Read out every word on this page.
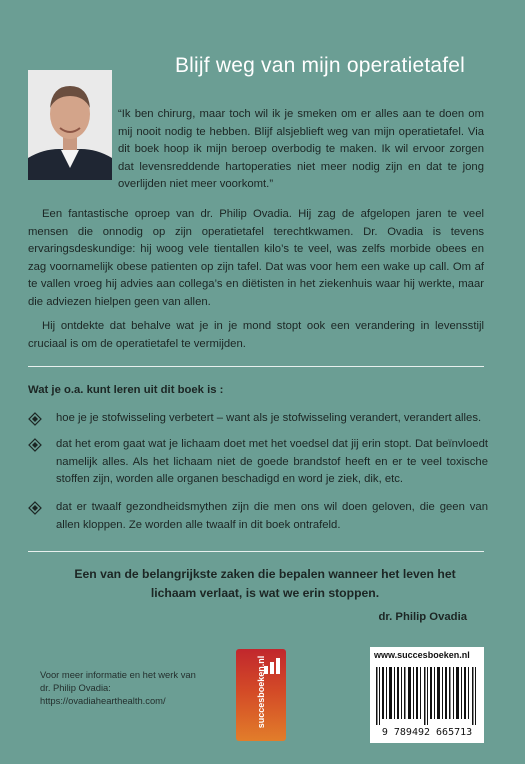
Blijf weg van mijn operatietafel
“Ik ben chirurg, maar toch wil ik je smeken om er alles aan te doen om mij nooit nodig te hebben. Blijf alsjeblieft weg van mijn operatietafel. Via dit boek hoop ik mijn beroep overbodig te maken. Ik wil ervoor zorgen dat levensreddende hartoperaties niet meer nodig zijn en dat te jong overlijden niet meer voorkomt.”
Een fantastische oproep van dr. Philip Ovadia. Hij zag de afgelopen jaren te veel mensen die onnodig op zijn operatietafel terechtkwamen. Dr. Ovadia is tevens ervaringsdeskundige: hij woog vele tientallen kilo’s te veel, was zelfs morbide obees en zag voornamelijk obese patienten op zijn tafel. Dat was voor hem een wake up call. Om af te vallen vroeg hij advies aan collega’s en diëtisten in het ziekenhuis waar hij werkte, maar die adviezen hielpen geen van allen.
Hij ontdekte dat behalve wat je in je mond stopt ook een verandering in levensstijl cruciaal is om de operatietafel te vermijden.
Wat je o.a. kunt leren uit dit boek is :
hoe je je stofwisseling verbetert – want als je stofwisseling verandert, verandert alles.
dat het erom gaat wat je lichaam doet met het voedsel dat jij erin stopt. Dat beïnvloedt namelijk alles. Als het lichaam niet de goede brandstof heeft en er te veel toxische stoffen zijn, worden alle organen beschadigd en word je ziek, dik, etc.
dat er twaalf gezondheidsmythen zijn die men ons wil doen geloven, die geen van allen kloppen. Ze worden alle twaalf in dit boek ontrafeld.
Een van de belangrijkste zaken die bepalen wanneer het leven het lichaam verlaat, is wat we erin stoppen.
dr. Philip Ovadia
Voor meer informatie en het werk van
dr. Philip Ovadia:
https://ovadiahearthealth.com/	succesboeken.nl
www.succesboeken.nl
9 789492 665713
